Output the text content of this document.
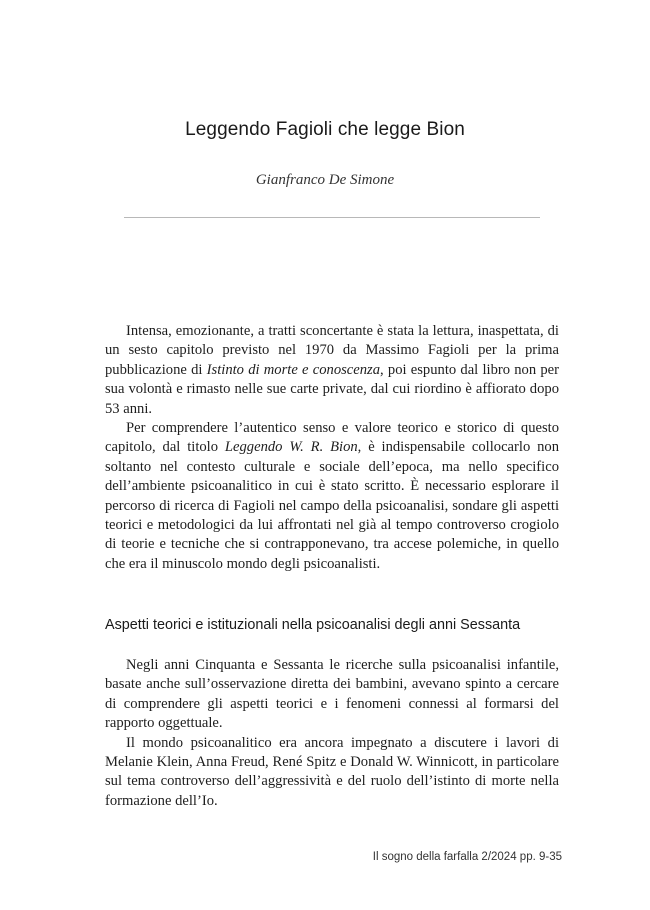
Leggendo Fagioli che legge Bion
Gianfranco De Simone

Intensa, emozionante, a tratti sconcertante è stata la lettura, inaspettata, di un sesto capitolo previsto nel 1970 da Massimo Fagioli per la prima pubblicazione di Istinto di morte e conoscenza, poi espunto dal libro non per sua volontà e rimasto nelle sue carte private, dal cui riordino è affiorato dopo 53 anni.

Per comprendere l’autentico senso e valore teorico e storico di questo capitolo, dal titolo Leggendo W. R. Bion, è indispensabile collocarlo non soltanto nel contesto culturale e sociale dell’epoca, ma nello specifico dell’ambiente psicoanalitico in cui è stato scritto. È necessario esplorare il percorso di ricerca di Fagioli nel campo della psicoanalisi, sondare gli aspetti teorici e metodologici da lui affrontati nel già al tempo controverso crogiolo di teorie e tecniche che si contrapponevano, tra accese polemiche, in quello che era il minuscolo mondo degli psicoanalisti.

Aspetti teorici e istituzionali nella psicoanalisi degli anni Sessanta

Negli anni Cinquanta e Sessanta le ricerche sulla psicoanalisi infantile, basate anche sull’osservazione diretta dei bambini, avevano spinto a cercare di comprendere gli aspetti teorici e i fenomeni connessi al formarsi del rapporto oggettuale.

Il mondo psicoanalitico era ancora impegnato a discutere i lavori di Melanie Klein, Anna Freud, René Spitz e Donald W. Winnicott, in particolare sul tema controverso dell’aggressività e del ruolo dell’istinto di morte nella formazione dell’Io.

Il sogno della farfalla 2/2024 pp. 9-35
